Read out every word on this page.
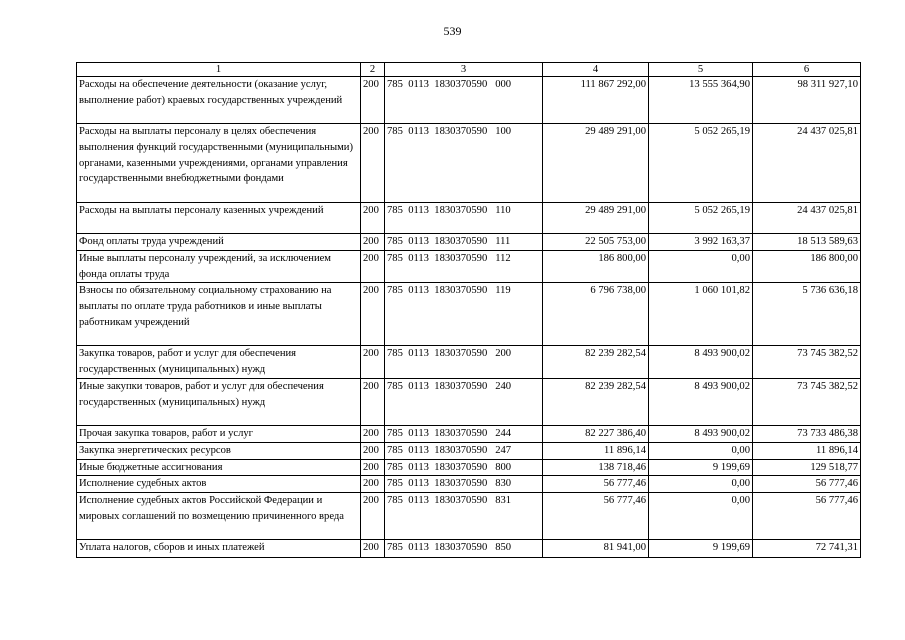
539
1	2	3	4	5	6
Расходы на обеспечение деятельности (оказание услуг, выполнение работ) краевых государственных учреждений	200	785  0113  1830370590   000	111 867 292,00	13 555 364,90	98 311 927,10
Расходы на выплаты персоналу в целях обеспечения выполнения функций государственными (муниципальными) органами, казенными учреждениями, органами управления государственными внебюджетными фондами	200	785  0113  1830370590   100	29 489 291,00	5 052 265,19	24 437 025,81
Расходы на выплаты персоналу казенных учреждений	200	785  0113  1830370590   110	29 489 291,00	5 052 265,19	24 437 025,81
Фонд оплаты труда учреждений	200	785  0113  1830370590   111	22 505 753,00	3 992 163,37	18 513 589,63
Иные выплаты персоналу учреждений, за исключением фонда оплаты труда	200	785  0113  1830370590   112	186 800,00	0,00	186 800,00
Взносы по обязательному социальному страхованию на выплаты по оплате труда работников и иные выплаты работникам учреждений	200	785  0113  1830370590   119	6 796 738,00	1 060 101,82	5 736 636,18
Закупка товаров, работ и услуг для обеспечения государственных (муниципальных) нужд	200	785  0113  1830370590   200	82 239 282,54	8 493 900,02	73 745 382,52
Иные закупки товаров, работ и услуг для обеспечения государственных (муниципальных) нужд	200	785  0113  1830370590   240	82 239 282,54	8 493 900,02	73 745 382,52
Прочая закупка товаров, работ и услуг	200	785  0113  1830370590   244	82 227 386,40	8 493 900,02	73 733 486,38
Закупка энергетических ресурсов	200	785  0113  1830370590   247	11 896,14	0,00	11 896,14
Иные бюджетные ассигнования	200	785  0113  1830370590   800	138 718,46	9 199,69	129 518,77
Исполнение судебных актов	200	785  0113  1830370590   830	56 777,46	0,00	56 777,46
Исполнение судебных актов Российской Федерации и мировых соглашений по возмещению причиненного вреда	200	785  0113  1830370590   831	56 777,46	0,00	56 777,46
Уплата налогов, сборов и иных платежей	200	785  0113  1830370590   850	81 941,00	9 199,69	72 741,31
